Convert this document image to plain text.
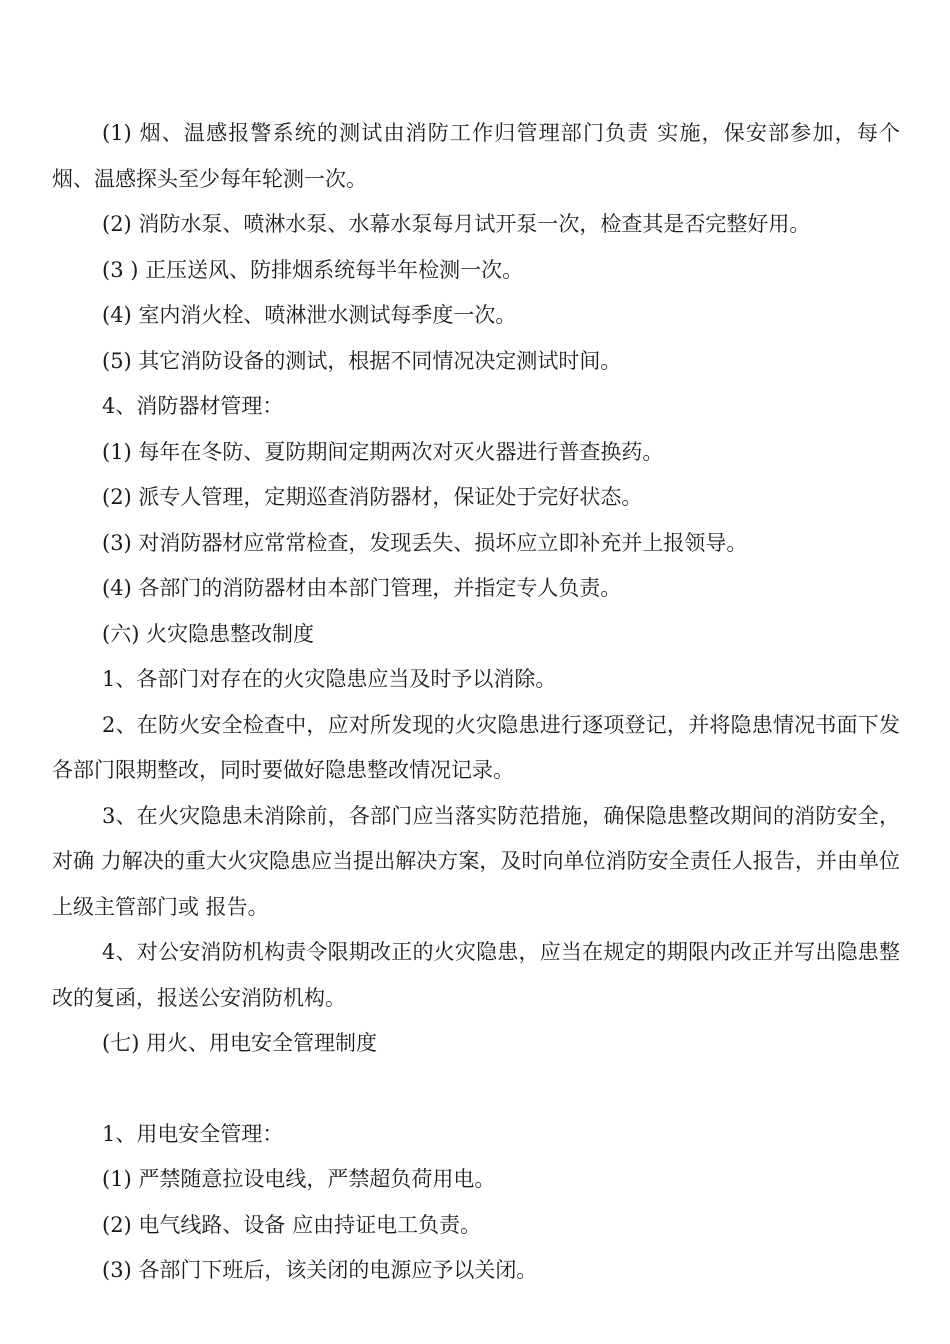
(1) 烟、温感报警系统的测试由消防工作归管理部门负责 实施，保安部参加，每个烟、温感探头至少每年轮测一次。

(2) 消防水泵、喷淋水泵、水幕水泵每月试开泵一次，检查其是否完整好用。

(3 ) 正压送风、防排烟系统每半年检测一次。

(4) 室内消火栓、喷淋泄水测试每季度一次。

(5) 其它消防设备的测试，根据不同情况决定测试时间。

4、消防器材管理：

(1) 每年在冬防、夏防期间定期两次对灭火器进行普查换药。

(2) 派专人管理，定期巡查消防器材，保证处于完好状态。

(3) 对消防器材应常常检查，发现丢失、损坏应立即补充并上报领导。

(4) 各部门的消防器材由本部门管理，并指定专人负责。

(六) 火灾隐患整改制度

1、各部门对存在的火灾隐患应当及时予以消除。

2、在防火安全检查中，应对所发现的火灾隐患进行逐项登记，并将隐患情况书面下发各部门限期整改，同时要做好隐患整改情况记录。

3、在火灾隐患未消除前，各部门应当落实防范措施，确保隐患整改期间的消防安全，对确 力解决的重大火灾隐患应当提出解决方案，及时向单位消防安全责任人报告，并由单位上级主管部门或 报告。

4、对公安消防机构责令限期改正的火灾隐患，应当在规定的期限内改正并写出隐患整改的复函，报送公安消防机构。

(七) 用火、用电安全管理制度

1、用电安全管理：

(1) 严禁随意拉设电线，严禁超负荷用电。

(2) 电气线路、设备 应由持证电工负责。

(3) 各部门下班后，该关闭的电源应予以关闭。
